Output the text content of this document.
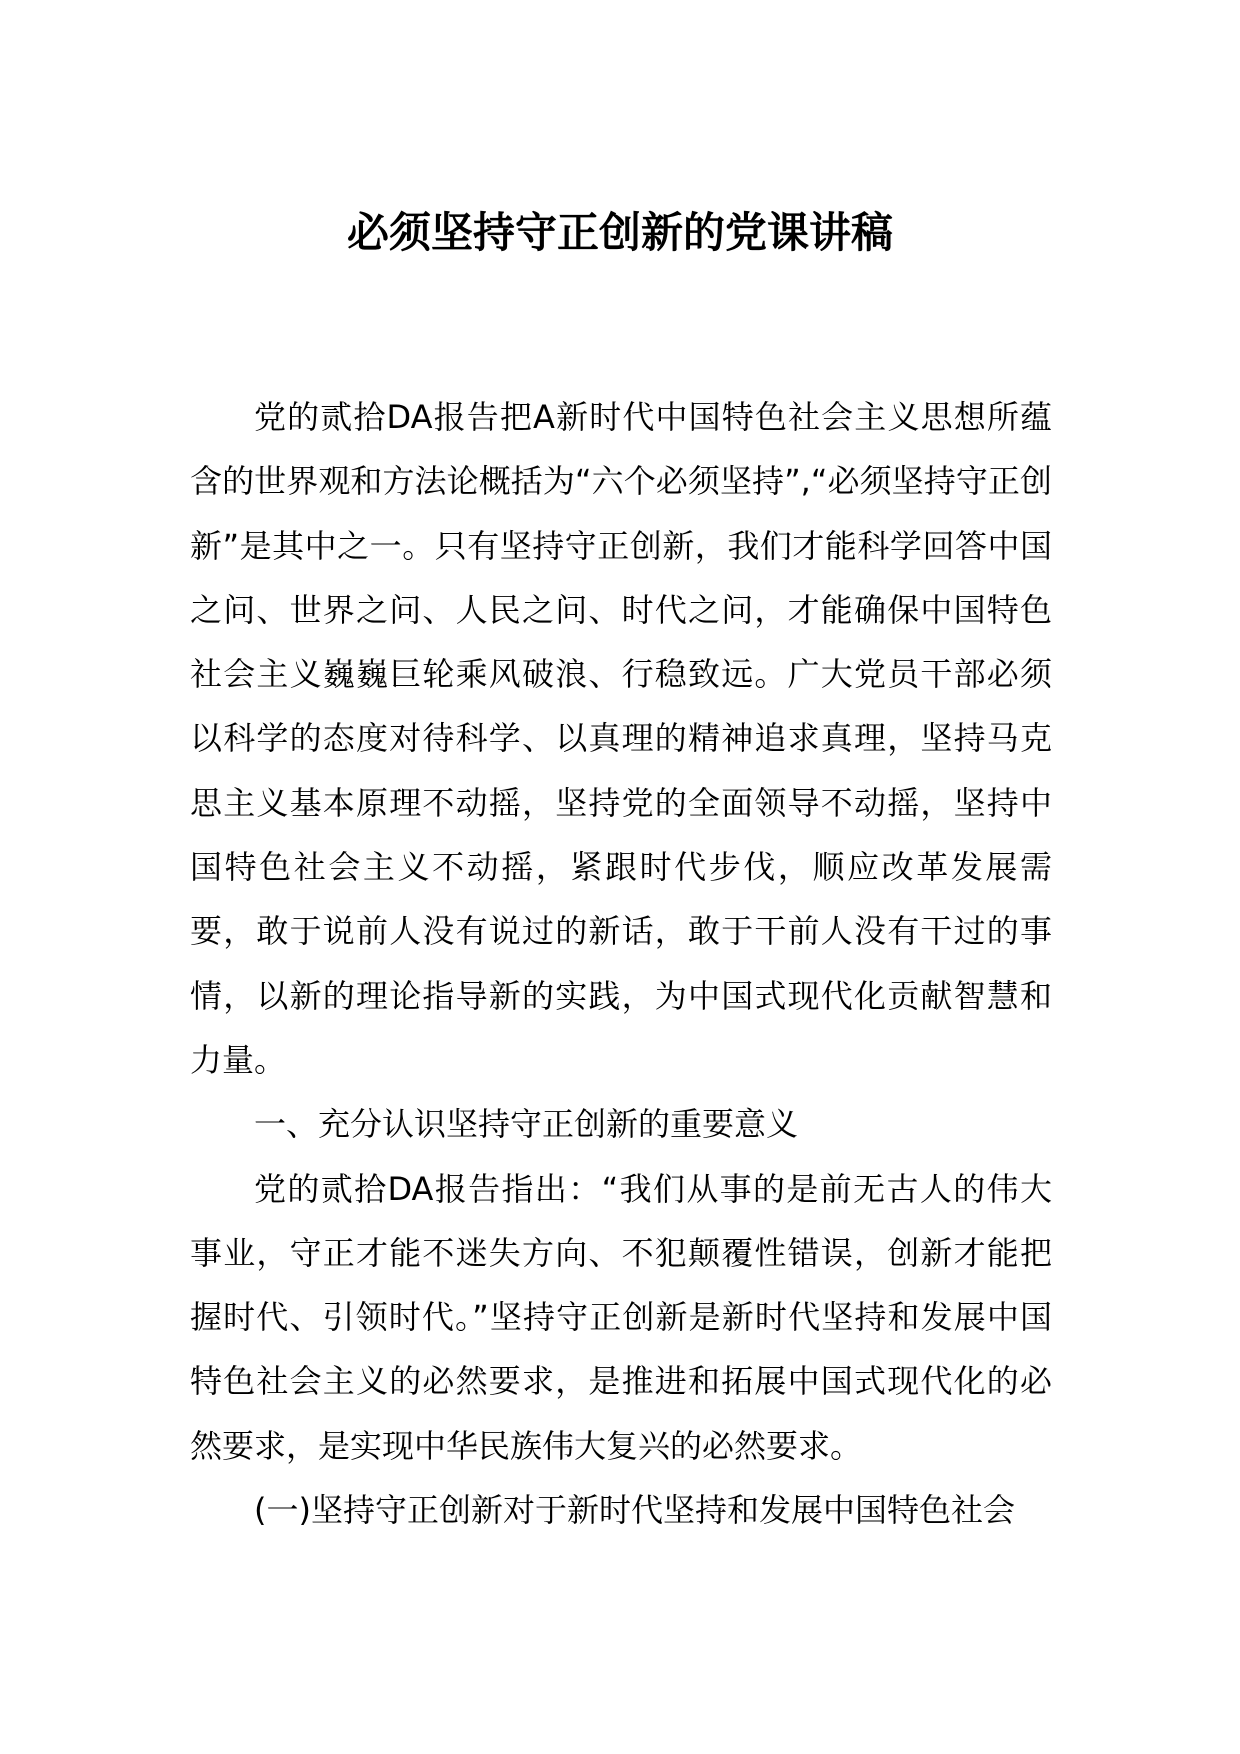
必须坚持守正创新的党课讲稿

党的贰拾DA报告把A新时代中国特色社会主义思想所蕴含的世界观和方法论概括为“六个必须坚持”,“必须坚持守正创新”是其中之一。只有坚持守正创新，我们才能科学回答中国之问、世界之问、人民之问、时代之问，才能确保中国特色社会主义巍巍巨轮乘风破浪、行稳致远。广大党员干部必须以科学的态度对待科学、以真理的精神追求真理，坚持马克思主义基本原理不动摇，坚持党的全面领导不动摇，坚持中国特色社会主义不动摇，紧跟时代步伐，顺应改革发展需要，敢于说前人没有说过的新话，敢于干前人没有干过的事情，以新的理论指导新的实践，为中国式现代化贡献智慧和力量。

一、充分认识坚持守正创新的重要意义

党的贰拾DA报告指出：“我们从事的是前无古人的伟大事业，守正才能不迷失方向、不犯颠覆性错误，创新才能把握时代、引领时代。”坚持守正创新是新时代坚持和发展中国特色社会主义的必然要求，是推进和拓展中国式现代化的必然要求，是实现中华民族伟大复兴的必然要求。

(一)坚持守正创新对于新时代坚持和发展中国特色社会
